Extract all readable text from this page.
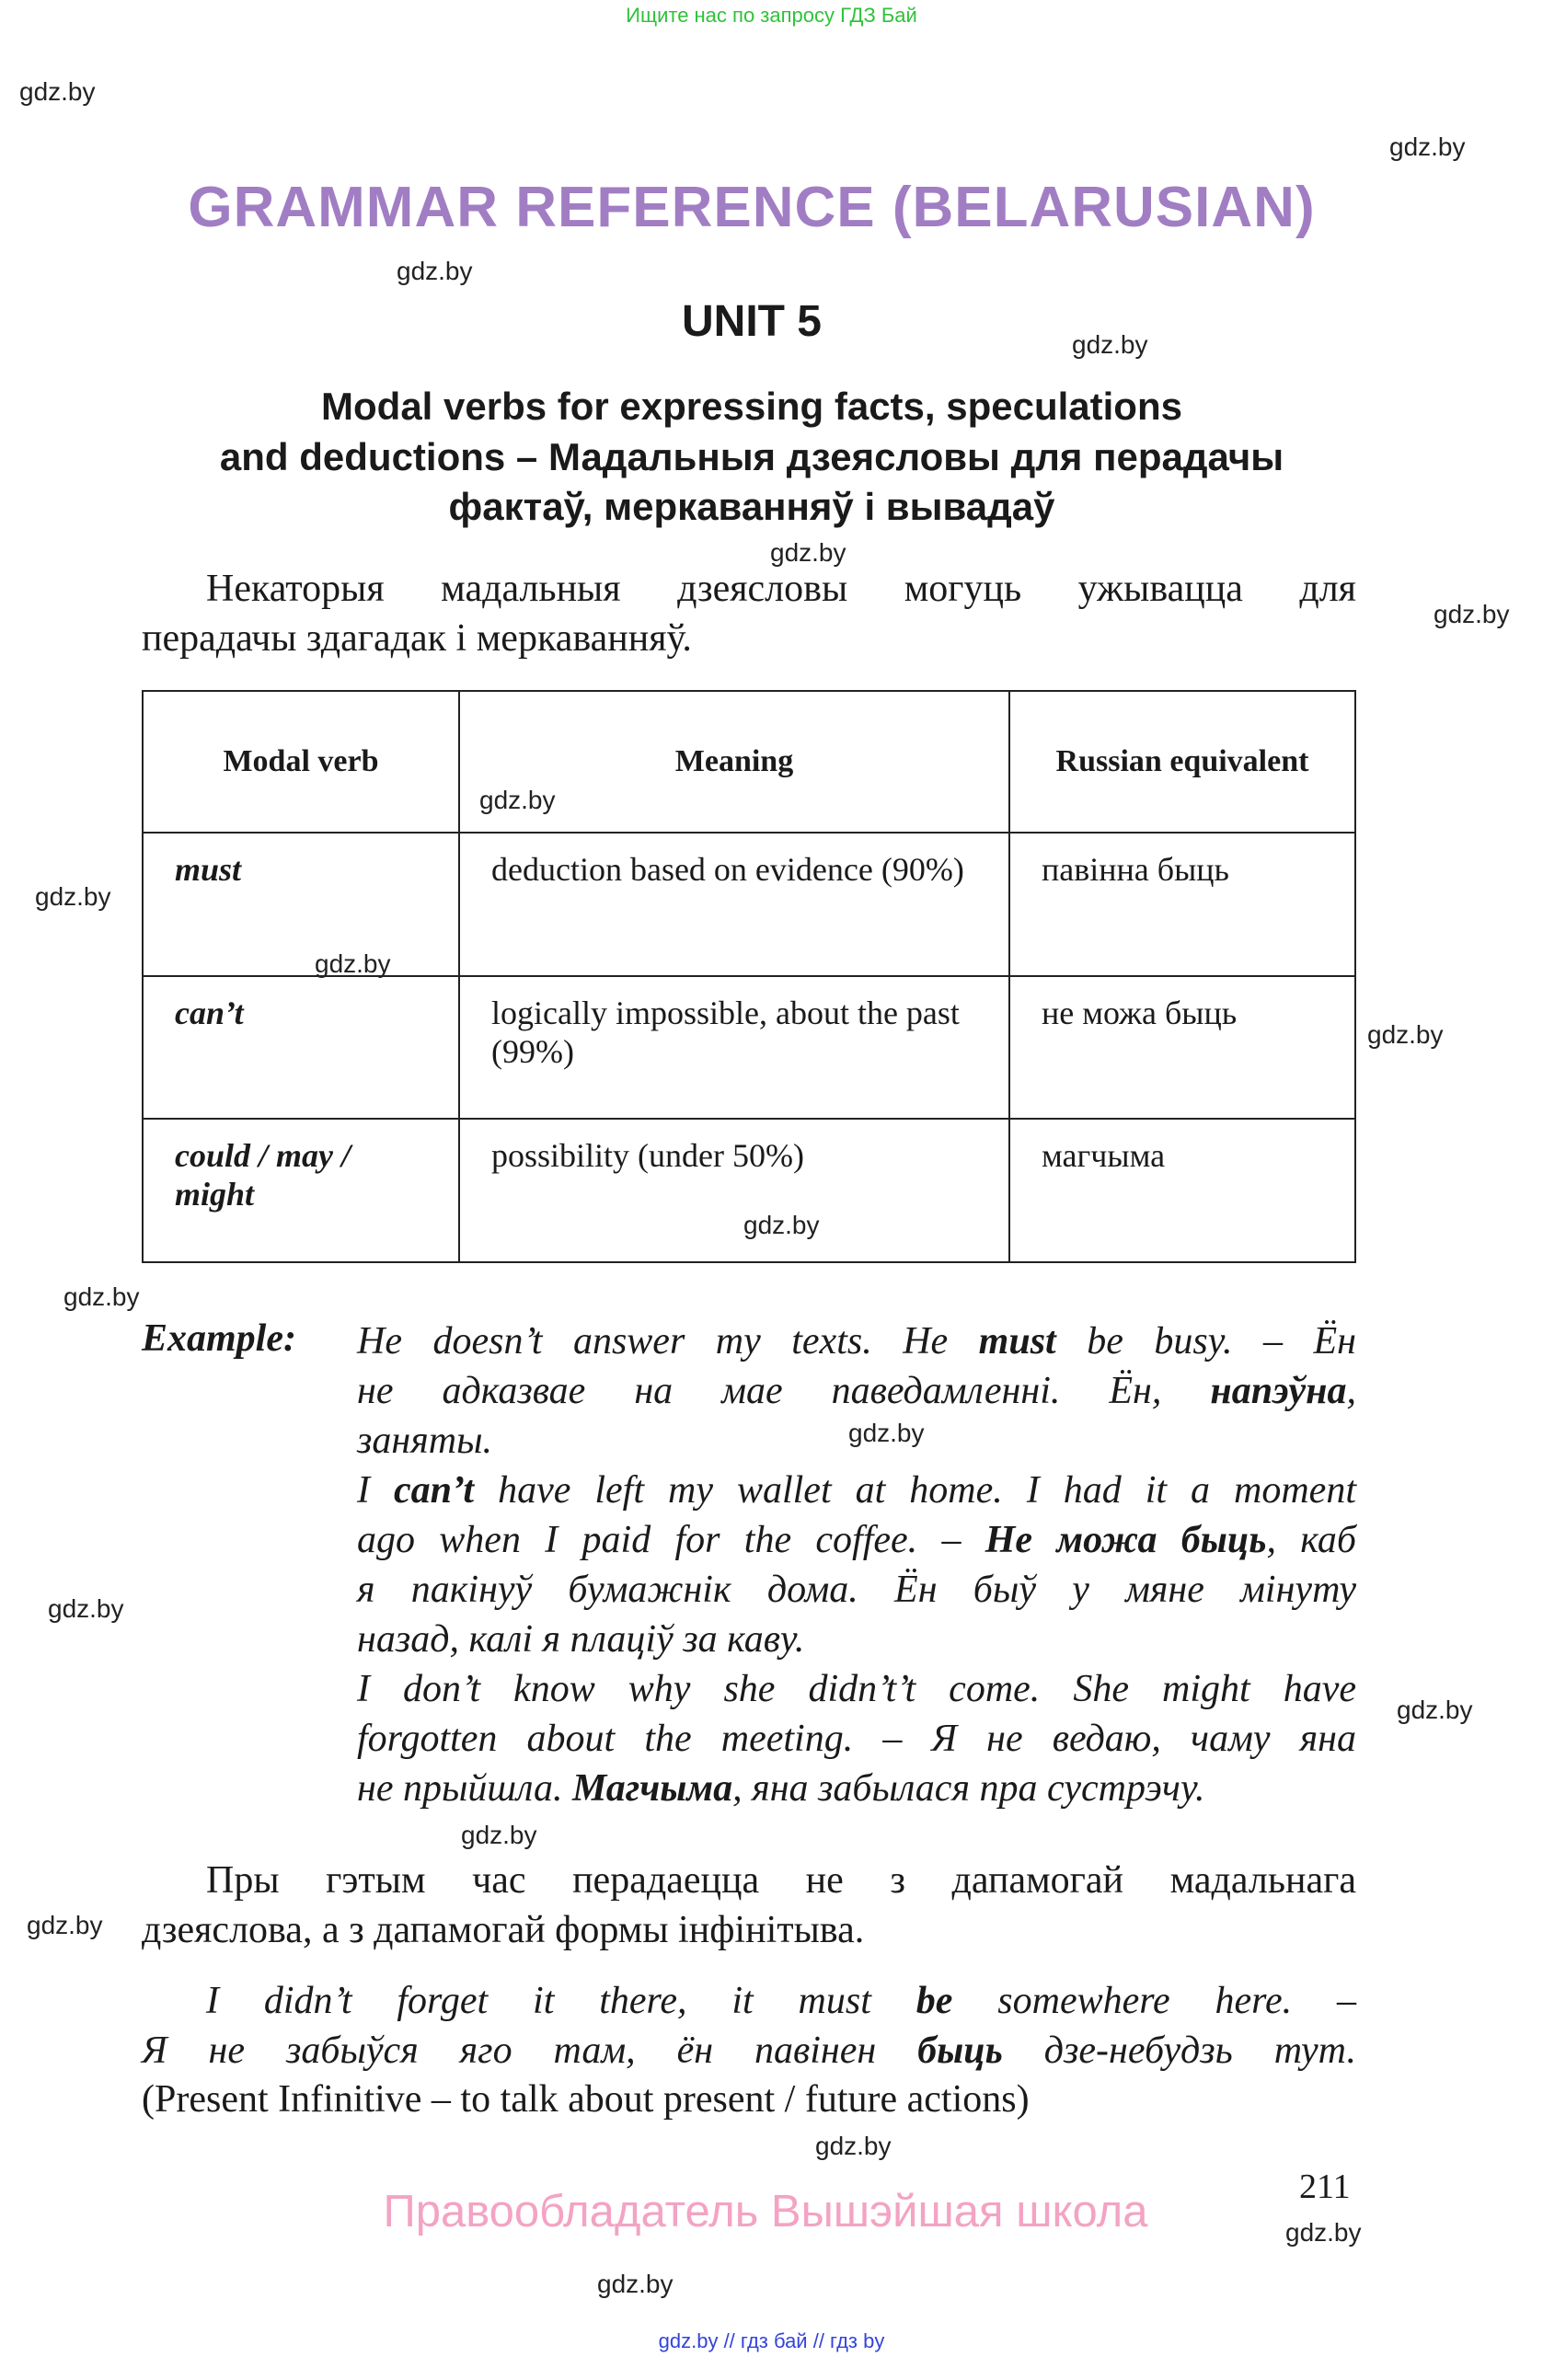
Ищите нас по запросу ГДЗ Бай
gdz.by
gdz.by
gdz.by
gdz.by
gdz.by
gdz.by
gdz.by
gdz.by
gdz.by
gdz.by
gdz.by
gdz.by
gdz.by
gdz.by
gdz.by
gdz.by
gdz.by
gdz.by
gdz.by
gdz.by
GRAMMAR REFERENCE (BELARUSIAN)
UNIT 5
Modal verbs for expressing facts, speculations
and deductions – Мадальныя дзеясловы для перадачы
фактаў, меркаванняў і вывадаў
Некаторыя мадальныя дзеясловы могуць ужывацца для
перадачы здагадак і меркаванняў.
Modal verb	Meaning	Russian equivalent
must	deduction based on evidence (90%)	павінна быць
can’t	logically impossible, about the past (99%)	не можа быць
could / may / might	possibility (under 50%)	магчыма
Example: He doesn’t answer my texts. He must be busy. – Ён
не адказвае на мае паведамленні. Ён, напэўна,
заняты.
I can’t have left my wallet at home. I had it a moment
ago when I paid for the coffee. – Не можа быць, каб
я пакінуў бумажнік дома. Ён быў у мяне мінуту
назад, калі я плаціў за каву.
I don’t know why she didn’t’t come. She might have
forgotten about the meeting. – Я не ведаю, чаму яна
не прыйшла. Магчыма, яна забылася пра сустрэчу.
Пры гэтым час перадаецца не з дапамогай мадальнага
дзеяслова, а з дапамогай формы інфінітыва.
I didn’t forget it there, it must be somewhere here. –
Я не забыўся яго там, ён павінен быць дзе-небудзь тут.
(Present Infinitive – to talk about present / future actions)
211
Правообладатель Вышэйшая школа
gdz.by // гдз бай // гдз by
